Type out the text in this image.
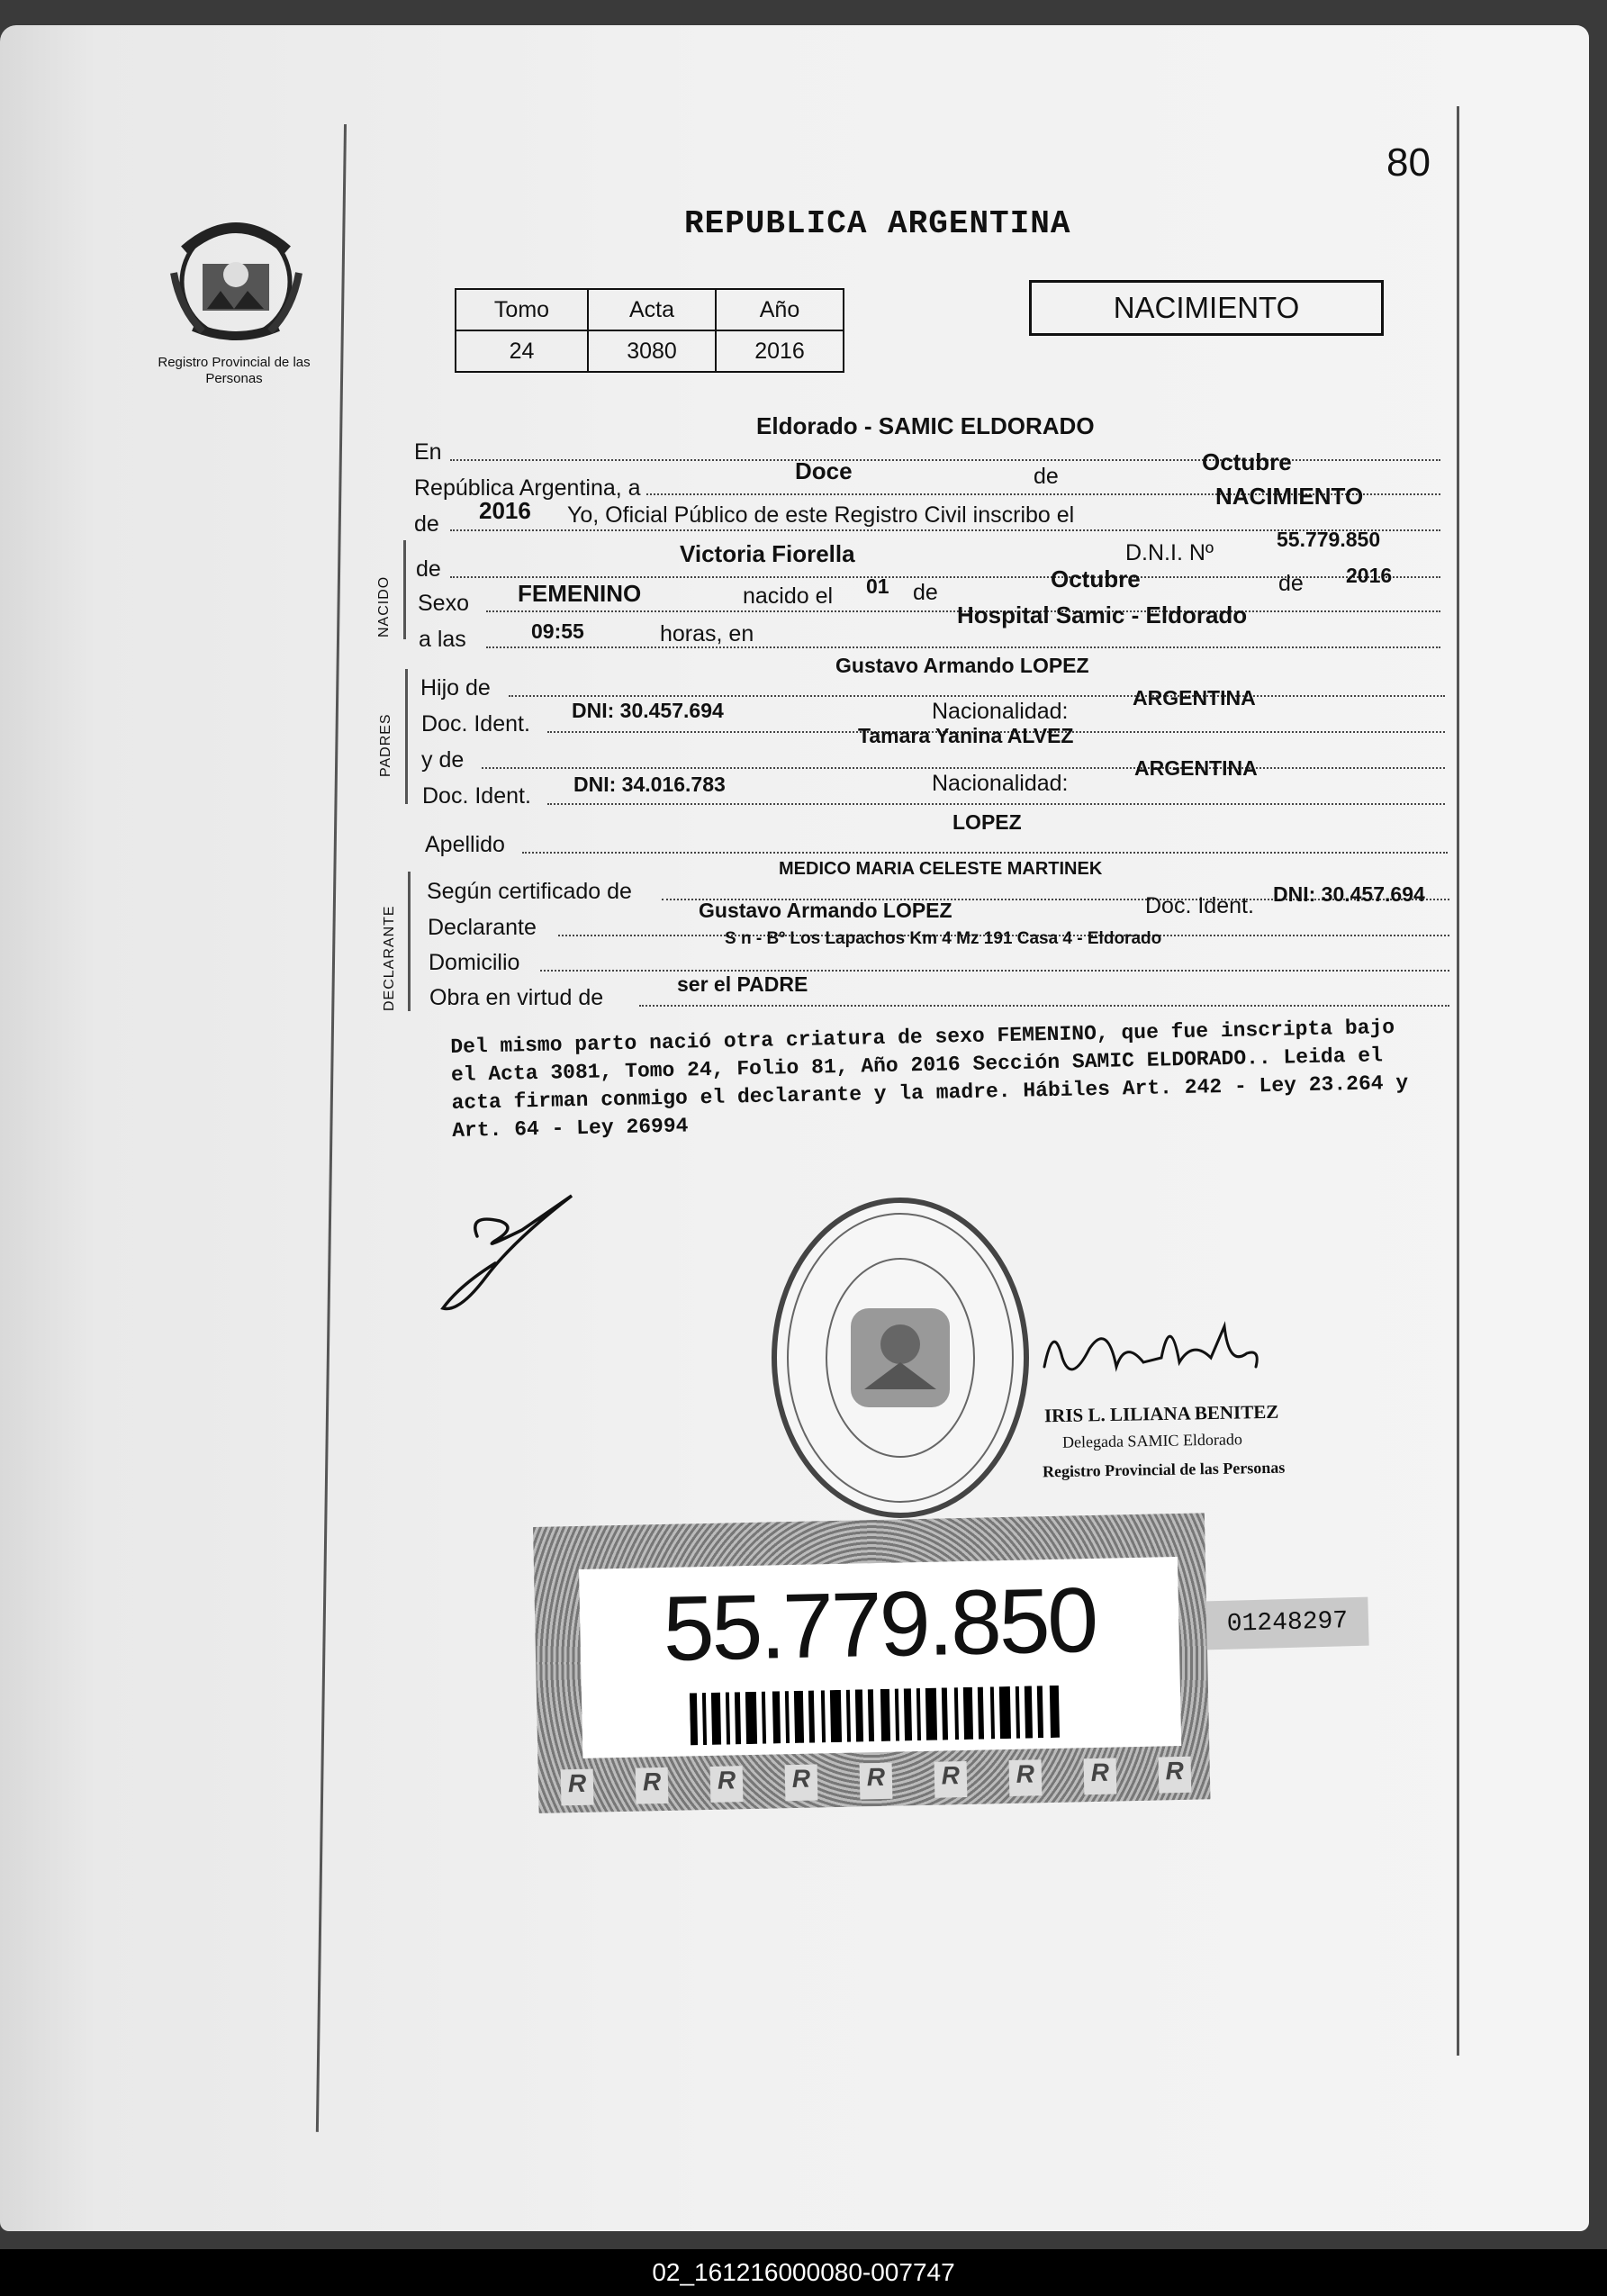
80
REPUBLICA ARGENTINA
Registro Provincial de las Personas
Tomo	Acta	Año
24	3080	2016
NACIMIENTO
En
Eldorado - SAMIC ELDORADO
República Argentina, a
Doce	de
Octubre
de 2016 Yo, Oficial Público de este Registro Civil inscribo el
NACIMIENTO
NACIDO
PADRES
DECLARANTE
de
Victoria Fiorella	D.N.I. Nº
55.779.850
Sexo FEMENINO	nacido el 01 de	Octubre	de 2016
a las	09:55	horas, en
Hospital Samic - Eldorado
Hijo de
Gustavo Armando LOPEZ
Doc. Ident.
DNI: 30.457.694	Nacionalidad:
ARGENTINA
y de
Tamara Yanina ALVEZ
Doc. Ident. DNI: 34.016.783	Nacionalidad:
ARGENTINA
Apellido
LOPEZ
Según certificado de
MEDICO MARIA CELESTE MARTINEK
Declarante
Gustavo Armando LOPEZ	Doc. Ident. DNI: 30.457.694
Domicilio
S n - Bº Los Lapachos Km 4 Mz 191 Casa 4 - Eldorado
Obra en virtud de
ser el PADRE
Del mismo parto nació otra criatura de sexo FEMENINO, que fue inscripta bajo el Acta 3081, Tomo 24, Folio 81, Año 2016 Sección SAMIC ELDORADO.. Leida el acta firman conmigo el declarante y la madre. Hábiles Art. 242 - Ley 23.264 y Art. 64 - Ley 26994
IRIS L. LILIANA BENITEZ
Delegada SAMIC Eldorado
Registro Provincial de las Personas
55.779.850
R R R R R R R R R
01248297
02_161216000080-007747
